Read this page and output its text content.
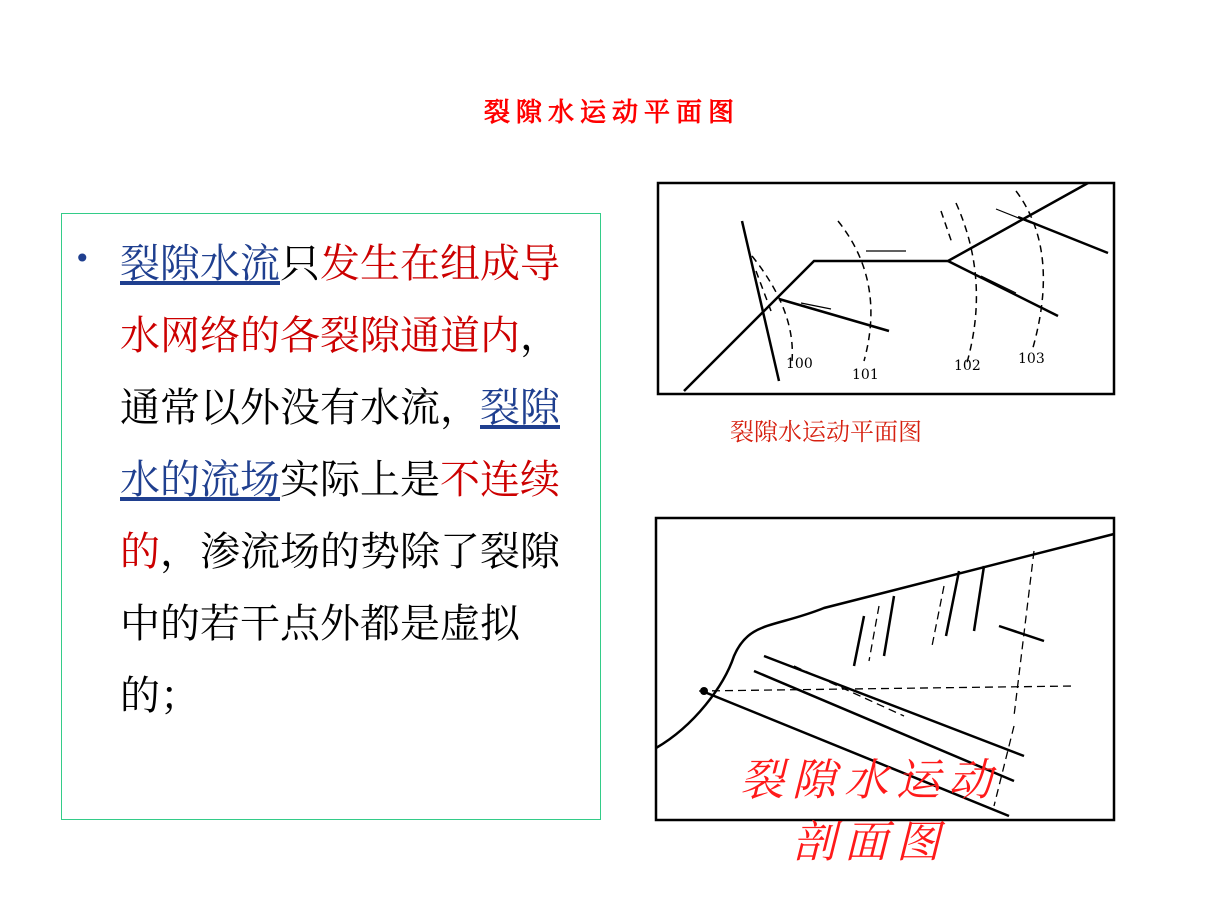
裂隙水运动平面图
• 裂隙水流只发生在组成导水网络的各裂隙通道内，通常以外没有水流，裂隙水的流场实际上是不连续的，渗流场的势除了裂隙中的若干点外都是虚拟的；
100
101
102	103
裂隙水运动平面图
裂隙水运动
剖面图
